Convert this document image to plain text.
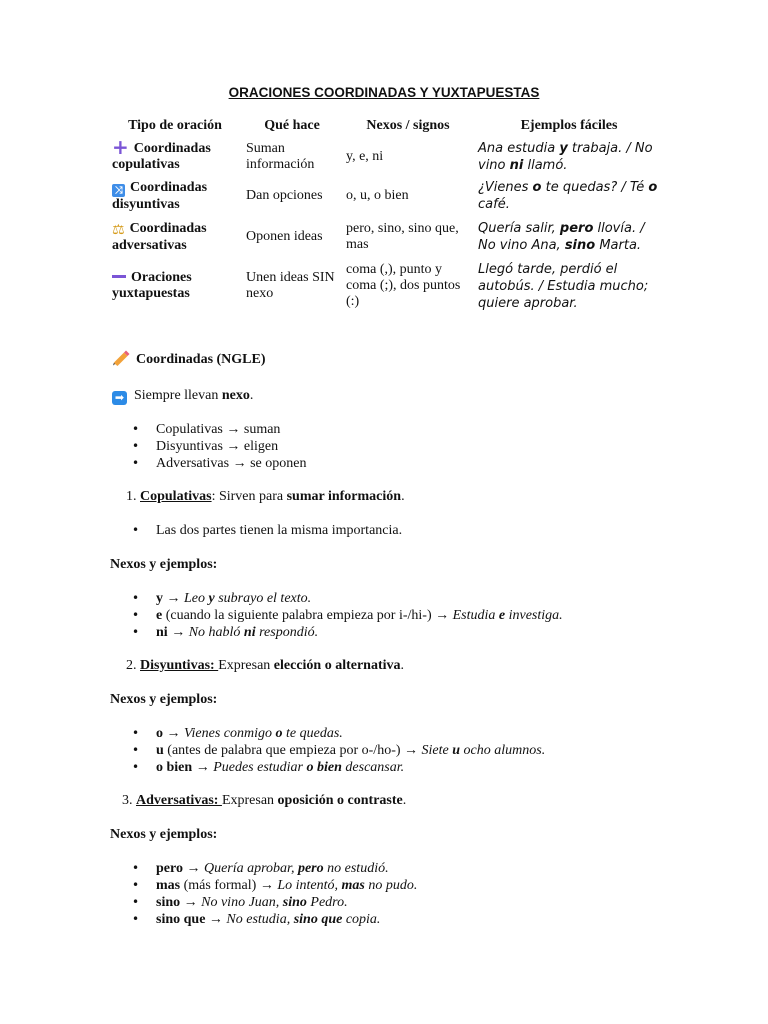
ORACIONES COORDINADAS Y YUXTAPUESTAS
Tipo de oración	Qué hace	Nexos / signos	Ejemplos fáciles
+ Coordinadas
copulativas	Suman información	y, e, ni	Ana estudia y trabaja. / No vino ni llamó.
⤨ Coordinadas
disyuntivas	Dan opciones	o, u, o bien	¿Vienes o te quedas? / Té o café.
⚖ Coordinadas
adversativas	Oponen ideas	pero, sino, sino que, mas	Quería salir, pero llovía. / No vino Ana, sino Marta.
Oraciones
yuxtapuestas	Unen ideas SIN nexo	coma (,), punto y coma (;), dos puntos (:)	Llegó tarde, perdió el autobús. / Estudia mucho; quiere aprobar.
Coordinadas (NGLE)
➡ Siempre llevan nexo.
• Copulativas → suman
• Disyuntivas → eligen
• Adversativas → se oponen
1. Copulativas: Sirven para sumar información.
• Las dos partes tienen la misma importancia.
Nexos y ejemplos:
• y → Leo y subrayo el texto.
• e (cuando la siguiente palabra empieza por i-/hi-) → Estudia e investiga.
• ni → No habló ni respondió.
2. Disyuntivas: Expresan elección o alternativa.
Nexos y ejemplos:
• o → Vienes conmigo o te quedas.
• u (antes de palabra que empieza por o-/ho-) → Siete u ocho alumnos.
• o bien → Puedes estudiar o bien descansar.
3. Adversativas: Expresan oposición o contraste.
Nexos y ejemplos:
• pero → Quería aprobar, pero no estudió.
• mas (más formal) → Lo intentó, mas no pudo.
• sino → No vino Juan, sino Pedro.
• sino que → No estudia, sino que copia.
